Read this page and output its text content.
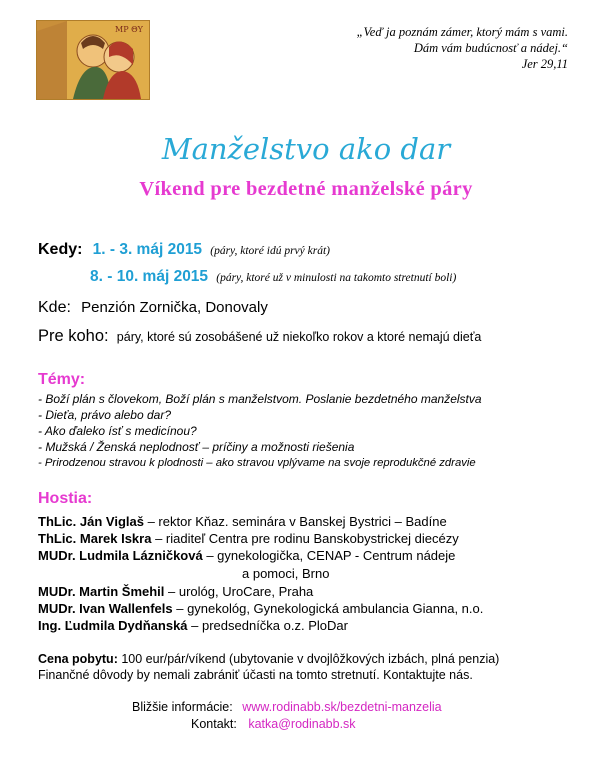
ΜΡ ΘΥ	„Veď ja poznám zámer, ktorý mám s vami.
Dám vám budúcnosť a nádej.“
Jer 29,11
Manželstvo ako dar
Víkend pre bezdetné manželské páry
Kedy: 1. - 3. máj 2015 (páry, ktoré idú prvý krát)
8. - 10. máj 2015 (páry, ktoré už v minulosti na takomto stretnutí boli)
Kde: Penzión Zornička, Donovaly
Pre koho: páry, ktoré sú zosobášené už niekoľko rokov a ktoré nemajú dieťa
Témy:
- Boží plán s človekom, Boží plán s manželstvom. Poslanie bezdetného manželstva
- Dieťa, právo alebo dar?
- Ako ďaleko ísť s medicínou?
- Mužská / Ženská neplodnosť – príčiny a možnosti riešenia
- Prirodzenou stravou k plodnosti – ako stravou vplývame na svoje reprodukčné zdravie
Hostia:
ThLic. Ján Viglaš – rektor Kňaz. seminára v Banskej Bystrici – Badíne
ThLic. Marek Iskra – riaditeľ Centra pre rodinu Banskobystrickej diecézy
MUDr. Ludmila Lázničková – gynekologička, CENAP - Centrum nádeje
a pomoci, Brno
MUDr. Martin Šmehil – urológ, UroCare, Praha
MUDr. Ivan Wallenfels – gynekológ, Gynekologická ambulancia Gianna, n.o.
Ing. Ľudmila Dydňanská – predsedníčka o.z. PloDar
Cena pobytu: 100 eur/pár/víkend (ubytovanie v dvojlôžkových izbách, plná penzia)
Finančné dôvody by nemali zabrániť účasti na tomto stretnutí. Kontaktujte nás.
Bližšie informácie: www.rodinabb.sk/bezdetni-manzelia
Kontakt: katka@rodinabb.sk
